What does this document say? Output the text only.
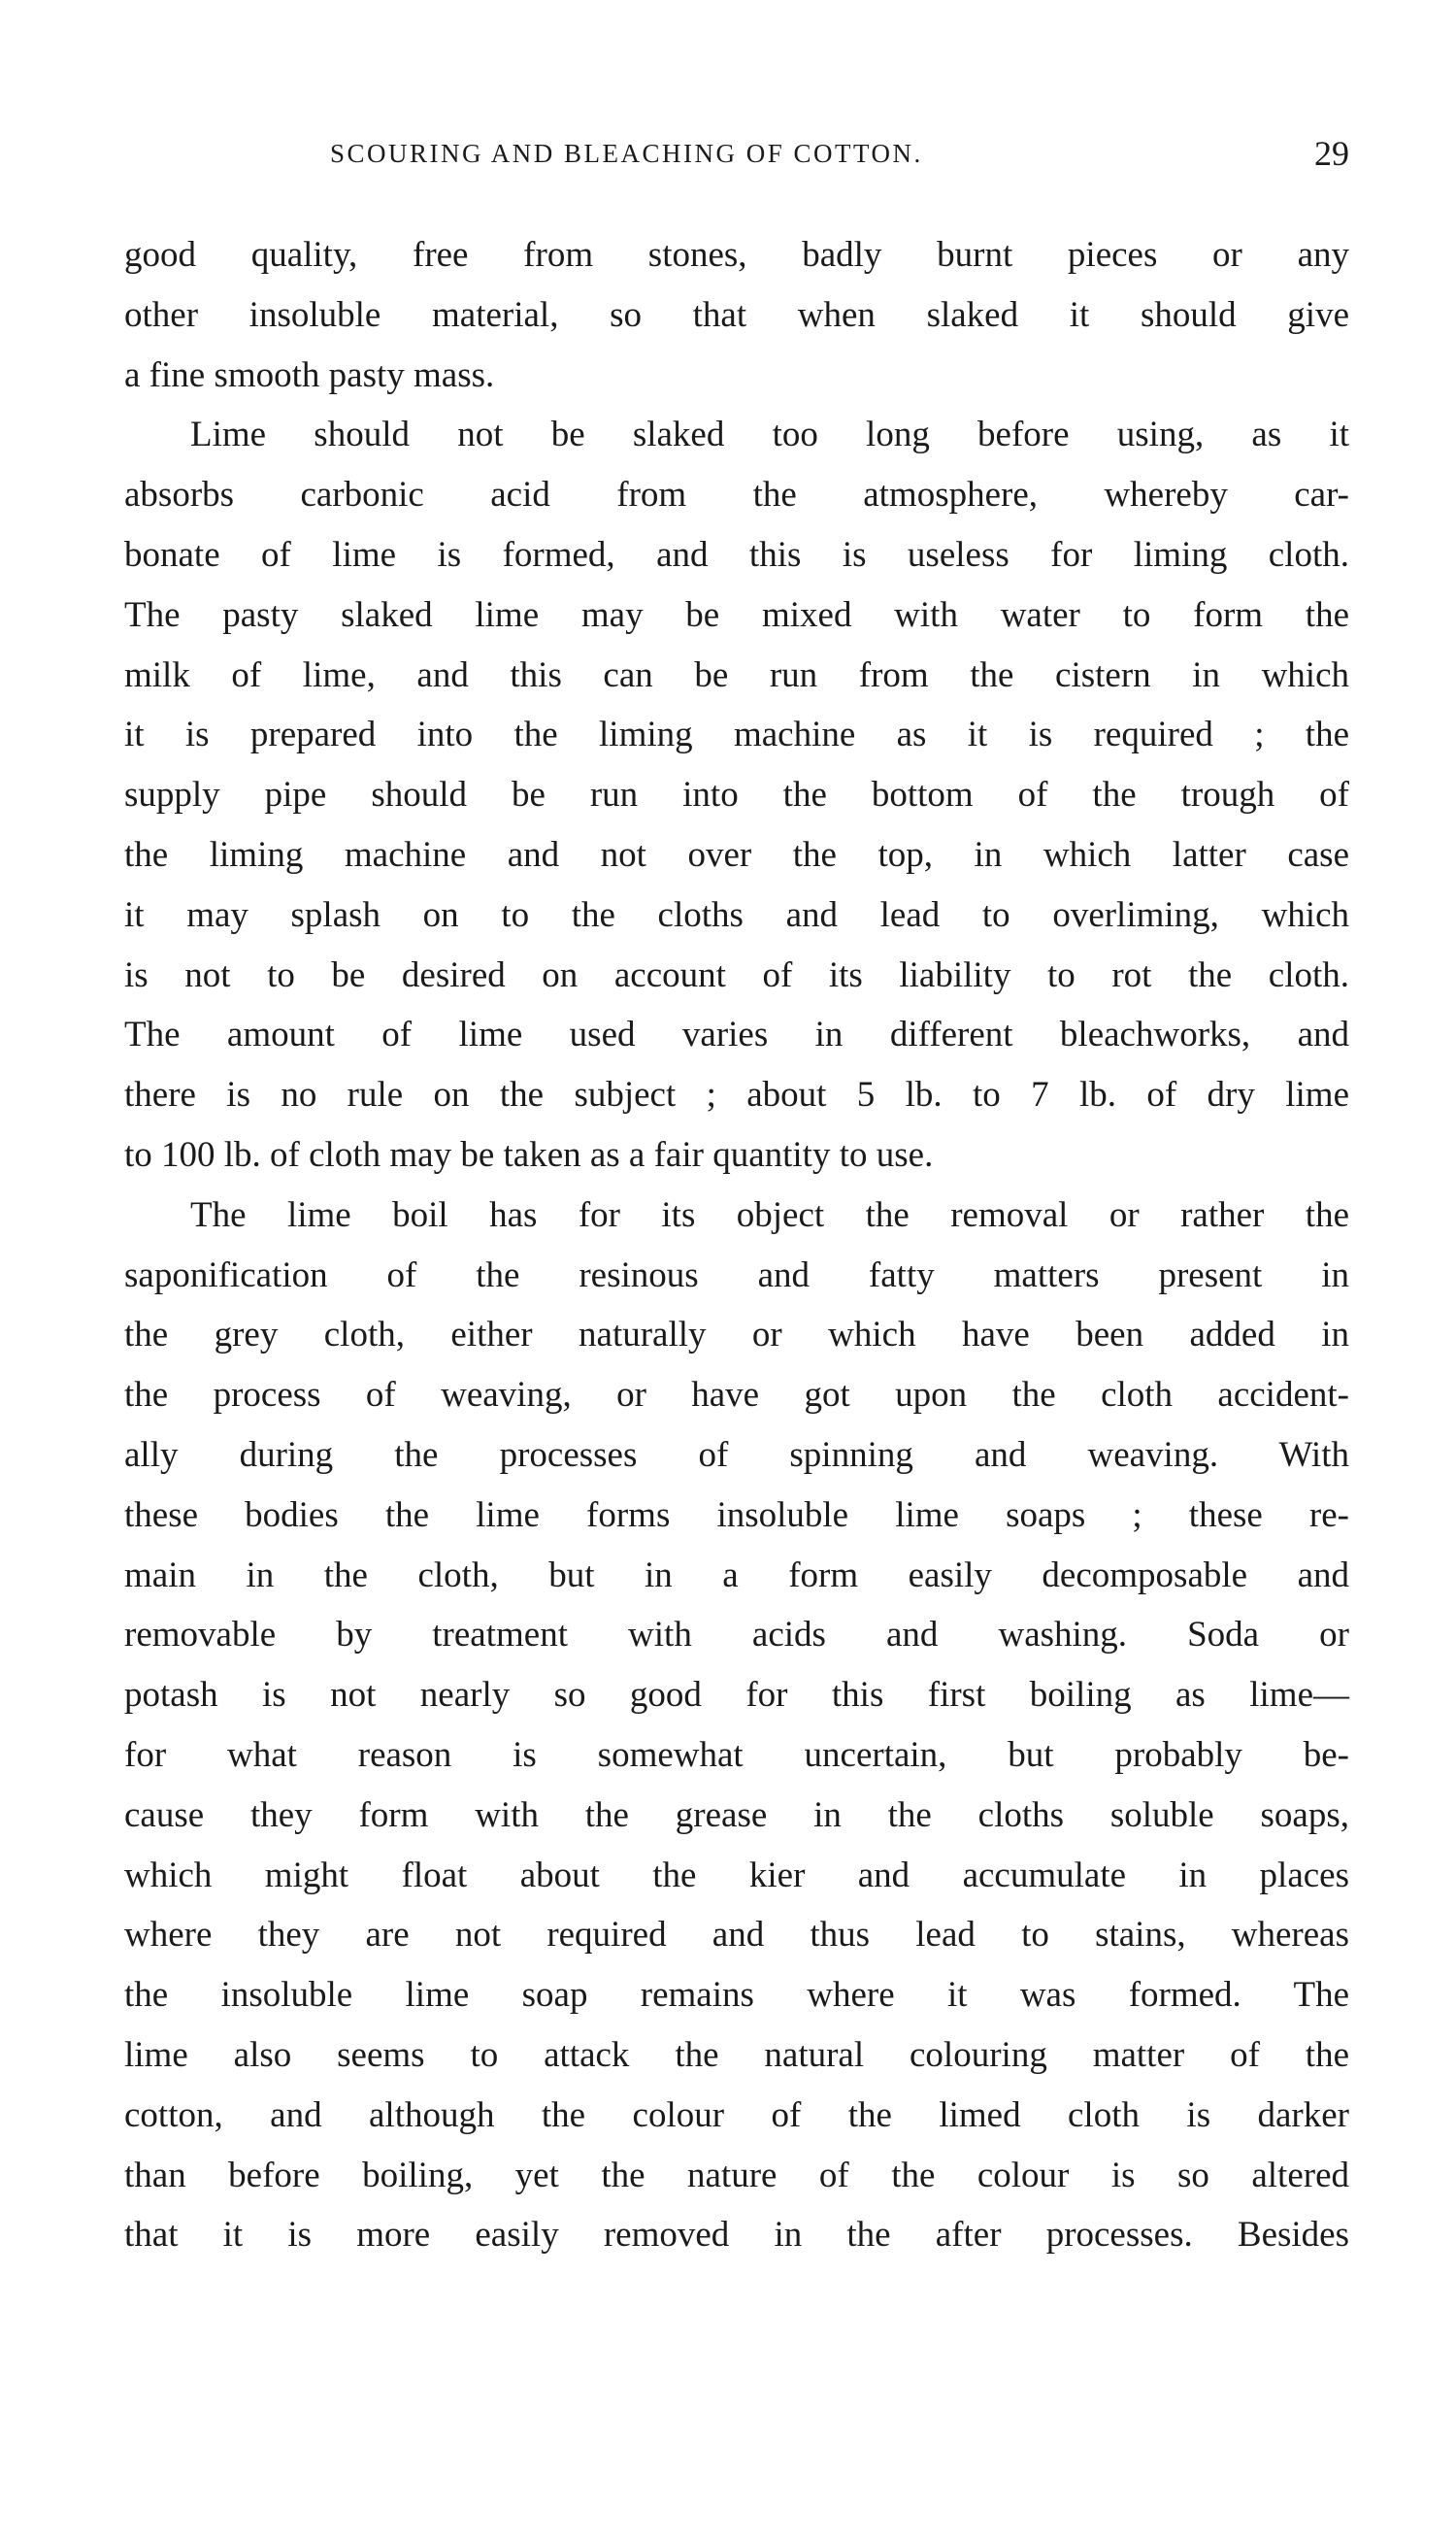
SCOURING AND BLEACHING OF COTTON.	29
good quality, free from stones, badly burnt pieces or any
other insoluble material, so that when slaked it should give
a fine smooth pasty mass.
Lime should not be slaked too long before using, as it
absorbs carbonic acid from the atmosphere, whereby car-
bonate of lime is formed, and this is useless for liming cloth.
The pasty slaked lime may be mixed with water to form the
milk of lime, and this can be run from the cistern in which
it is prepared into the liming machine as it is required ; the
supply pipe should be run into the bottom of the trough of
the liming machine and not over the top, in which latter case
it may splash on to the cloths and lead to overliming, which
is not to be desired on account of its liability to rot the cloth.
The amount of lime used varies in different bleachworks, and
there is no rule on the subject ; about 5 lb. to 7 lb. of dry lime
to 100 lb. of cloth may be taken as a fair quantity to use.
The lime boil has for its object the removal or rather the
saponification of the resinous and fatty matters present in
the grey cloth, either naturally or which have been added in
the process of weaving, or have got upon the cloth accident-
ally during the processes of spinning and weaving. With
these bodies the lime forms insoluble lime soaps ; these re-
main in the cloth, but in a form easily decomposable and
removable by treatment with acids and washing. Soda or
potash is not nearly so good for this first boiling as lime—
for what reason is somewhat uncertain, but probably be-
cause they form with the grease in the cloths soluble soaps,
which might float about the kier and accumulate in places
where they are not required and thus lead to stains, whereas
the insoluble lime soap remains where it was formed. The
lime also seems to attack the natural colouring matter of the
cotton, and although the colour of the limed cloth is darker
than before boiling, yet the nature of the colour is so altered
that it is more easily removed in the after processes. Besides
